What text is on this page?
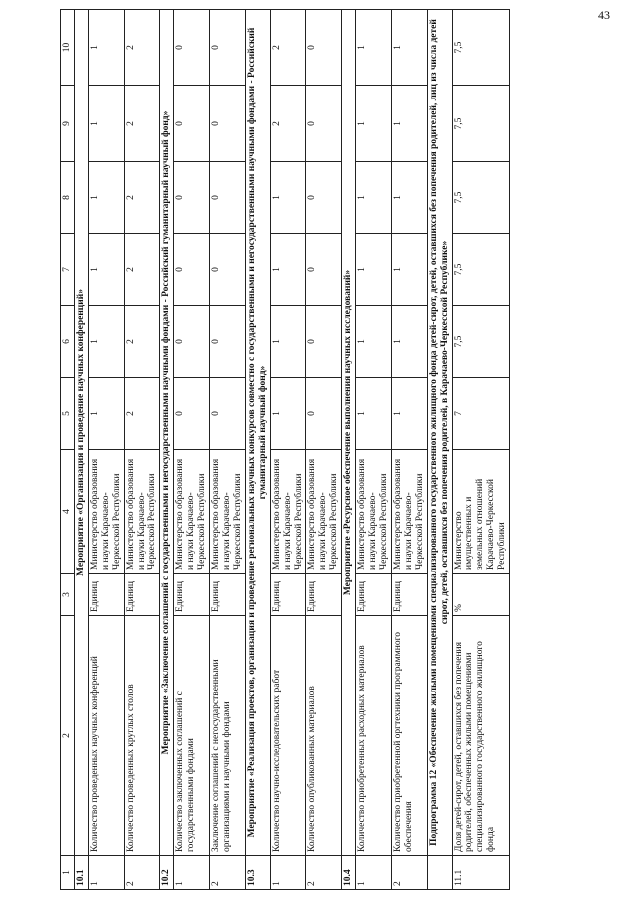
43
1	2	3	4	5	6	7	8	9	10
10.1	Мероприятие «Организация и проведение научных конференций»								
1	Количество проведенных научных конференций	Единиц	Министерство образования и науки Карачаево-Черкесской Республики	1	1	1	1	1	1
2	Количество проведенных круглых столов	Единиц	Министерство образования и науки Карачаево-Черкесской Республики	2	2	2	2	2	2
10.2	Мероприятие «Заключение соглашений с государственными и негосударственными научными фондами - Российский гуманитарный научный фонд»								
1	Количество заключенных соглашений с государственными фондами	Единиц	Министерство образования и науки Карачаево-Черкесской Республики	0	0	0	0	0	0
2	Заключение соглашений с негосударственными организациями и научными фондами	Единиц	Министерство образования и науки Карачаево-Черкесской Республики	0	0	0	0	0	0
10.3	Мероприятие «Реализация проектов, организация и проведение региональных научных конкурсов совместно с государственными и негосударственными научными фондами - Российский гуманитарный научный фонд»								
1	Количество научно-исследовательских работ	Единиц	Министерство образования и науки Карачаево-Черкесской Республики	1	1	1	1	2	2
2	Количество опубликованных материалов	Единиц	Министерство образования и науки Карачаево-Черкесской Республики	0	0	0	0	0	0
10.4	Мероприятие «Ресурсное обеспечение выполнения научных исследований»								
1	Количество приобретенных расходных материалов	Единиц	Министерство образования и науки Карачаево-Черкесской Республики	1	1	1	1	1	1
2	Количество приобретенной оргтехники программного обеспечения	Единиц	Министерство образования и науки Карачаево-Черкесской Республики	1	1	1	1	1	1
	Подпрограмма 12 «Обеспечение жилыми помещениями специализированного государственного жилищного фонда детей-сирот, детей, оставшихся без попечения родителей, лиц из числа детей сирот, детей, оставшихся без попечения родителей, в Карачаево-Черкесской Республике»								
11.1	Доля детей-сирот, детей, оставшихся без попечения родителей, обеспеченных жилыми помещениями специализированного государственного жилищного фонда	%	Министерство имущественных и земельных отношений Карачаево-Черкесской Республики	7	7,5	7,5	7,5	7,5	7,5
